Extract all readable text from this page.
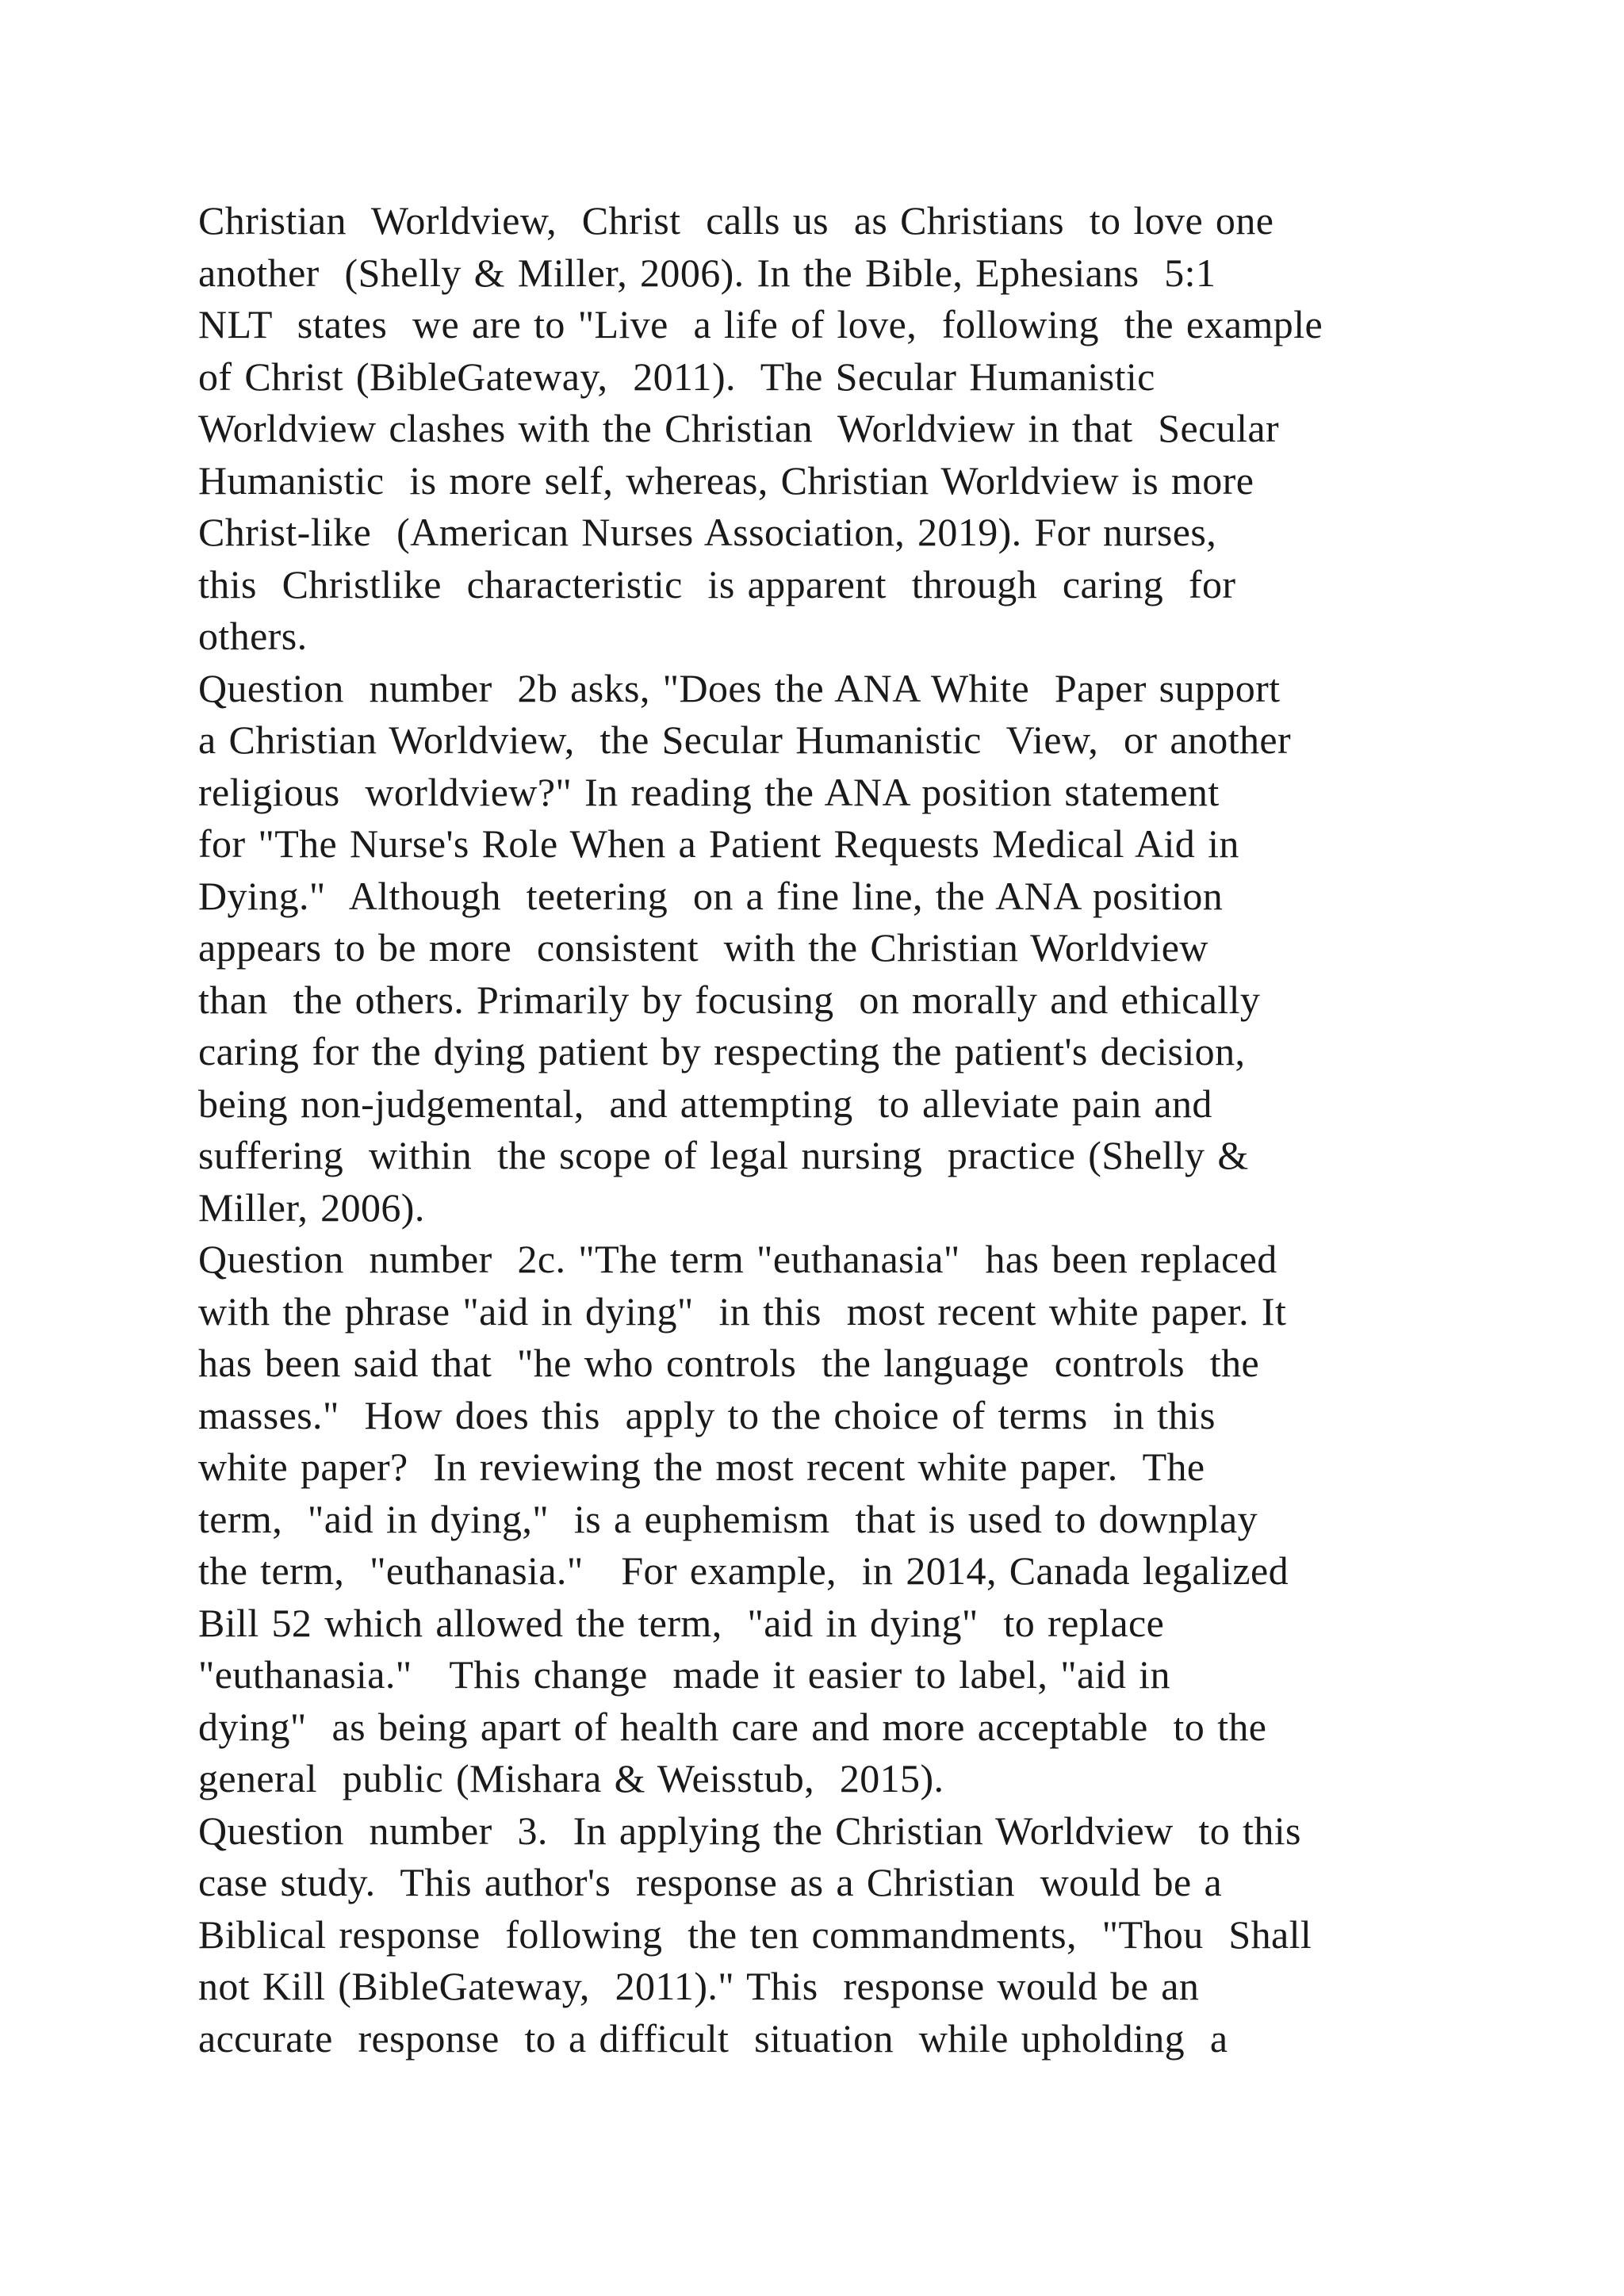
Christian  Worldview,  Christ  calls us  as Christians  to love one
another  (Shelly & Miller, 2006). In the Bible, Ephesians  5:1
NLT  states  we are to "Live  a life of love,  following  the example
of Christ (BibleGateway,  2011).  The Secular Humanistic
Worldview clashes with the Christian  Worldview in that  Secular
Humanistic  is more self, whereas, Christian Worldview is more
Christ-like  (American Nurses Association, 2019). For nurses,
this  Christlike  characteristic  is apparent  through  caring  for
others.
Question  number  2b asks, "Does the ANA White  Paper support
a Christian Worldview,  the Secular Humanistic  View,  or another
religious  worldview?" In reading the ANA position statement
for "The Nurse's Role When a Patient Requests Medical Aid in
Dying."  Although  teetering  on a fine line, the ANA position
appears to be more  consistent  with the Christian Worldview
than  the others. Primarily by focusing  on morally and ethically
caring for the dying patient by respecting the patient's decision,
being non-judgemental,  and attempting  to alleviate pain and
suffering  within  the scope of legal nursing  practice (Shelly &
Miller, 2006).
Question  number  2c. "The term "euthanasia"  has been replaced
with the phrase "aid in dying"  in this  most recent white paper. It
has been said that  "he who controls  the language  controls  the
masses."  How does this  apply to the choice of terms  in this
white paper?  In reviewing the most recent white paper.  The
term,  "aid in dying,"  is a euphemism  that is used to downplay
the term,  "euthanasia."   For example,  in 2014, Canada legalized
Bill 52 which allowed the term,  "aid in dying"  to replace
"euthanasia."   This change  made it easier to label, "aid in
dying"  as being apart of health care and more acceptable  to the
general  public (Mishara & Weisstub,  2015).
Question  number  3.  In applying the Christian Worldview  to this
case study.  This author's  response as a Christian  would be a
Biblical response  following  the ten commandments,  "Thou  Shall
not Kill (BibleGateway,  2011)." This  response would be an
accurate  response  to a difficult  situation  while upholding  a
